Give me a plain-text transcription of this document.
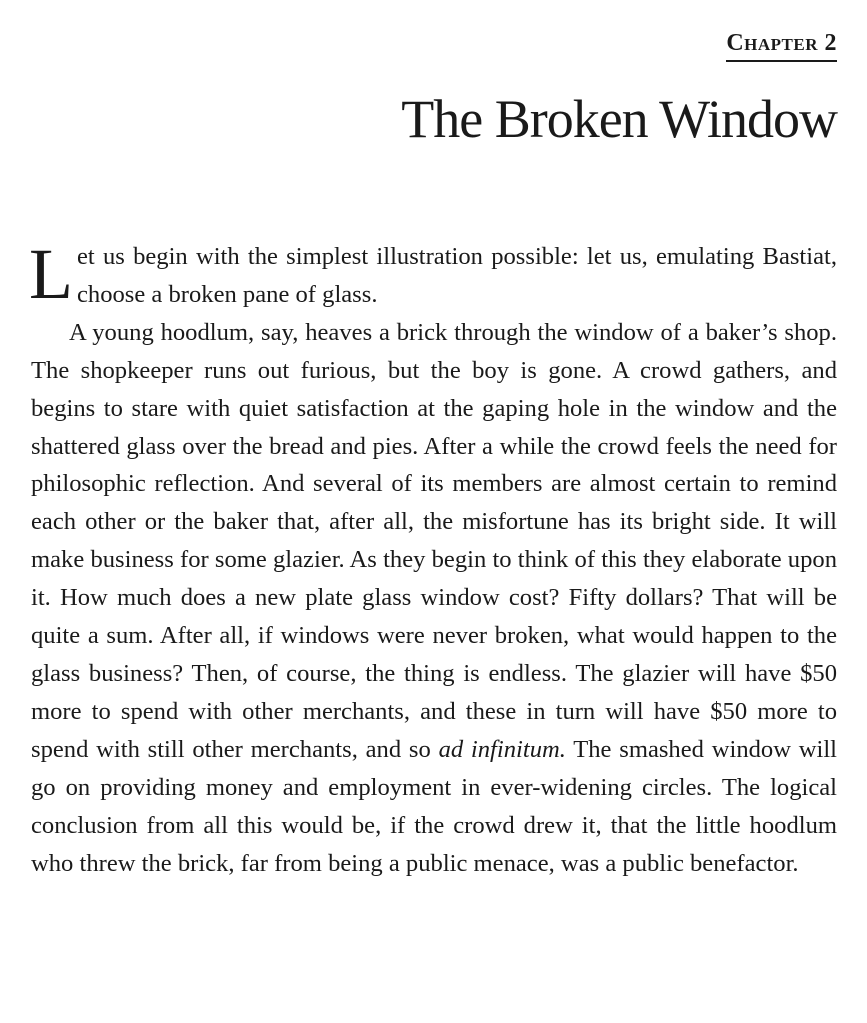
Chapter 2
The Broken Window

Let us begin with the simplest illustration possible: let us, emulating Bastiat, choose a broken pane of glass.

A young hoodlum, say, heaves a brick through the window of a baker’s shop. The shopkeeper runs out furious, but the boy is gone. A crowd gathers, and begins to stare with quiet satisfaction at the gaping hole in the window and the shattered glass over the bread and pies. After a while the crowd feels the need for philosophic reflection. And several of its members are almost certain to remind each other or the baker that, after all, the misfortune has its bright side. It will make business for some glazier. As they begin to think of this they elaborate upon it. How much does a new plate glass window cost? Fifty dollars? That will be quite a sum. After all, if windows were never broken, what would happen to the glass business? Then, of course, the thing is endless. The glazier will have $50 more to spend with other merchants, and these in turn will have $50 more to spend with still other merchants, and so ad infinitum. The smashed window will go on providing money and employment in ever-widening circles. The logical conclusion from all this would be, if the crowd drew it, that the little hoodlum who threw the brick, far from being a public menace, was a public benefactor.
